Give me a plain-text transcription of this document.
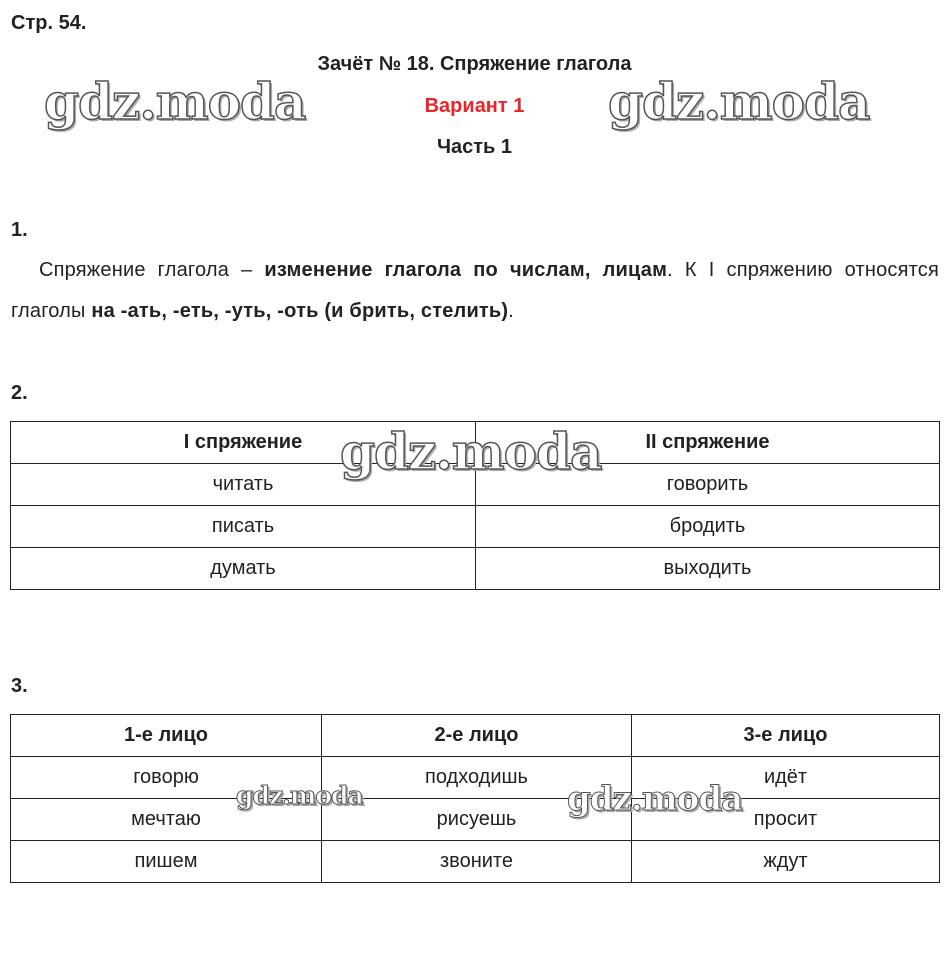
Стр. 54.
Зачёт № 18. Спряжение глагола
Вариант 1
Часть 1
1.

Спряжение глагола – изменение глагола по числам, лицам. К I спряжению относятся глаголы на -ать, -еть, -уть, -оть (и брить, стелить).

2.
I спряжение	II спряжение
читать	говорить
писать	бродить
думать	выходить
3.
1-е лицо	2-е лицо	3-е лицо
говорю	подходишь	идёт
мечтаю	рисуешь	просит
пишем	звоните	ждут
gdz.moda	gdz.moda
gdz.moda
gdz.moda	gdz.moda
